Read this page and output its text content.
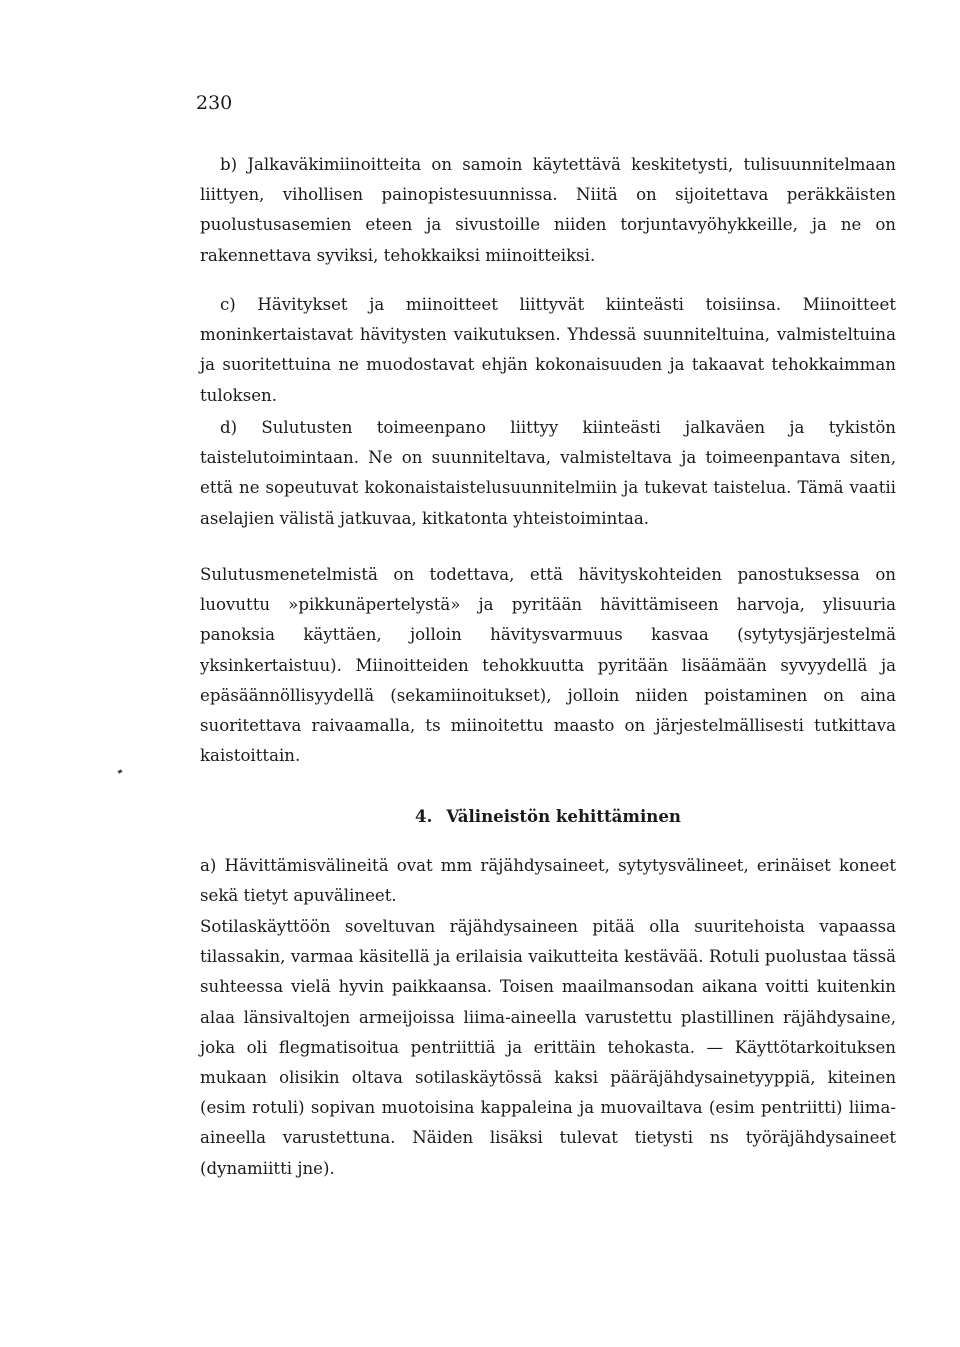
230

b) Jalkaväkimiinoitteita on samoin käytettävä keskitetysti, tulisuunnitelmaan liittyen, vihollisen painopistesuunnissa. Niitä on sijoitettava peräkkäisten puolustusasemien eteen ja sivustoille niiden torjuntavyöhykkeille, ja ne on rakennettava syviksi, tehokkaiksi miinoitteiksi.

c) Hävitykset ja miinoitteet liittyvät kiinteästi toisiinsa. Miinoitteet moninkertaistavat hävitysten vaikutuksen. Yhdessä suunniteltuina, valmisteltuina ja suoritettuina ne muodostavat ehjän kokonaisuuden ja takaavat tehokkaimman tuloksen.

d) Sulutusten toimeenpano liittyy kiinteästi jalkaväen ja tykistön taistelutoimintaan. Ne on suunniteltava, valmisteltava ja toimeenpantava siten, että ne sopeutuvat kokonaistaistelusuunnitelmiin ja tukevat taistelua. Tämä vaatii aselajien välistä jatkuvaa, kitkatonta yhteistoimintaa.

Sulutusmenetelmistä on todettava, että hävityskohteiden panostuksessa on luovuttu »pikkunäpertelystä» ja pyritään hävittämiseen harvoja, ylisuuria panoksia käyttäen, jolloin hävitysvarmuus kasvaa (sytytysjärjestelmä yksinkertaistuu). Miinoitteiden tehokkuutta pyritään lisäämään syvyydellä ja epäsäännöllisyydellä (sekamiinoitukset), jolloin niiden poistaminen on aina suoritettava raivaamalla, ts miinoitettu maasto on järjestelmällisesti tutkittava kaistoittain.

4. Välineistön kehittäminen

a) Hävittämisvälineitä ovat mm räjähdysaineet, sytytysvälineet, erinäiset koneet sekä tietyt apuvälineet.

Sotilaskäyttöön soveltuvan räjähdysaineen pitää olla suuritehoista vapaassa tilassakin, varmaa käsitellä ja erilaisia vaikutteita kestävää. Rotuli puolustaa tässä suhteessa vielä hyvin paikkaansa. Toisen maailmansodan aikana voitti kuitenkin alaa länsivaltojen armeijoissa liima-aineella varustettu plastillinen räjähdysaine, joka oli flegmatisoitua pentriittiä ja erittäin tehokasta. — Käyttötarkoituksen mukaan olisikin oltava sotilaskäytössä kaksi pääräjähdysainetyyppiä, kiteinen (esim rotuli) sopivan muotoisina kappaleina ja muovailtava (esim pentriitti) liima-aineella varustettuna. Näiden lisäksi tulevat tietysti ns työräjähdysaineet (dynamiitti jne).
